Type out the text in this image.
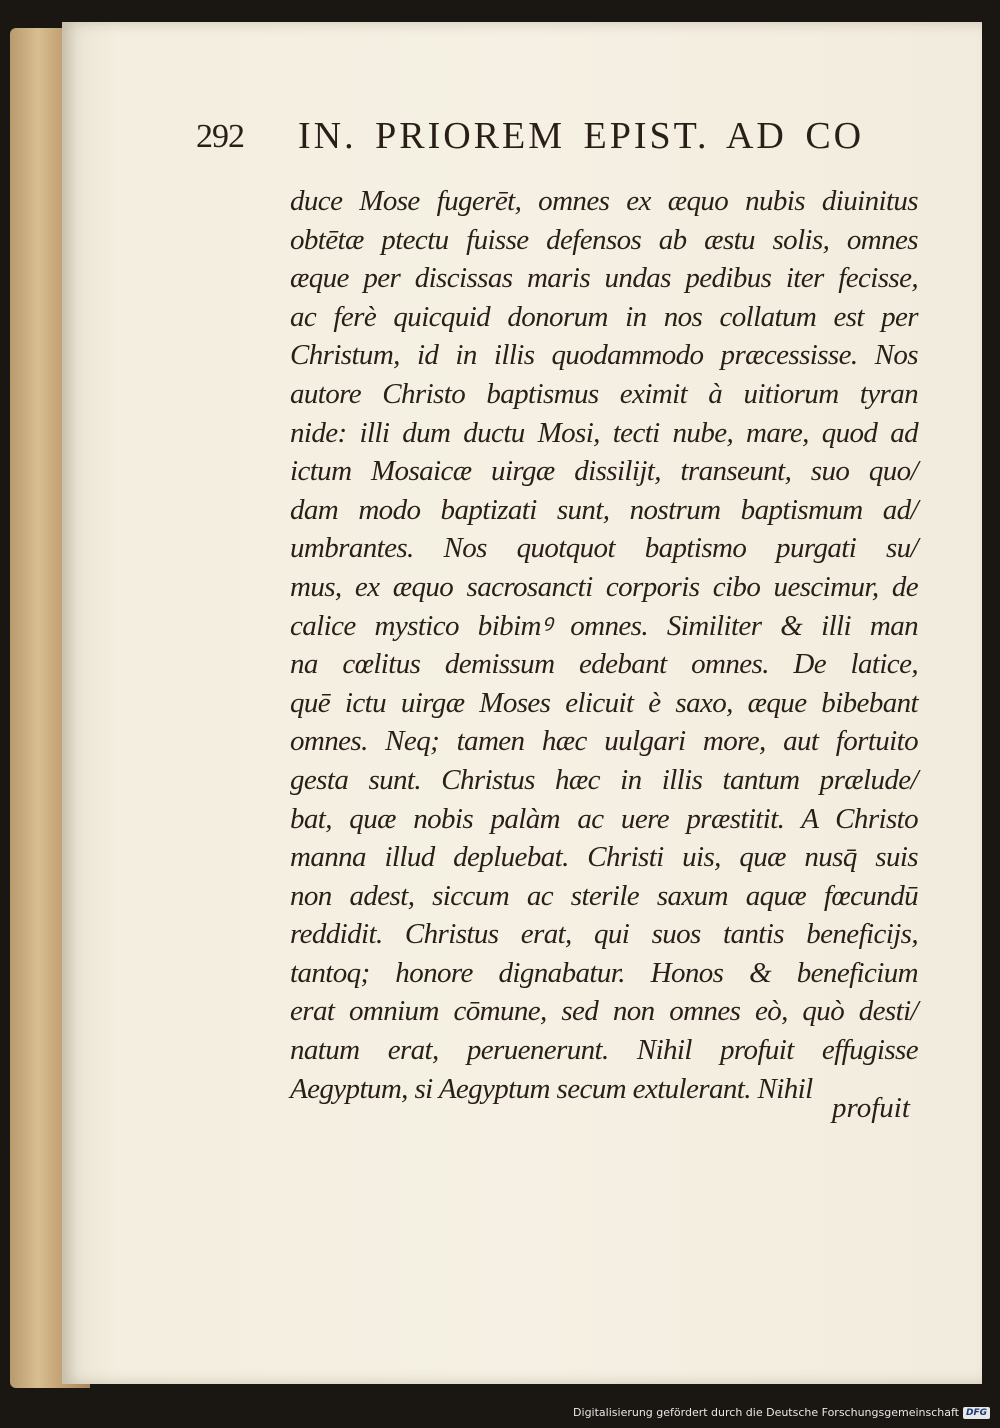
292 IN. PRIOREM EPIST. AD CO
duce Mose fugerēt, omnes ex æquo nubis diuinitus
obtētæ ptectu fuisse defensos ab æstu solis, omnes
æque per discissas maris undas pedibus iter fecisse,
ac ferè quicquid donorum in nos collatum est per
Christum, id in illis quodammodo præcessisse. Nos
autore Christo baptismus eximit à uitiorum tyran
nide: illi dum ductu Mosi, tecti nube, mare, quod ad
ictum Mosaicæ uirgæ dissiliјt, transeunt, suo quo/
dam modo baptizati sunt, nostrum baptismum ad/
umbrantes. Nos quotquot baptismo purgati su/
mus, ex æquo sacrosancti corporis cibo uescimur, de
calice mystico bibimꝰ omnes. Similiter & illi man
na cœlitus demissum edebant omnes. De latice,
quē ictu uirgæ Moses elicuit è saxo, æque bibebant
omnes. Neq; tamen hæc uulgari more, aut fortuito
gesta sunt. Christus hæc in illis tantum prælude/
bat, quæ nobis palàm ac uere præstitit. A Christo
manna illud depluebat. Christi uis, quæ nusq̄ suis
non adest, siccum ac sterile saxum aquæ fœcundū
reddidit. Christus erat, qui suos tantis beneficiјs,
tantoq; honore dignabatur. Honos & beneficium
erat omnium cōmune, sed non omnes eò, quò desti/
natum erat, peruenerunt. Nihil profuit effugisse
Aegyptum, si Aegyptum secum extulerant. Nihil
profuit
Digitalisierung gefördert durch die Deutsche Forschungsgemeinschaft DFG
